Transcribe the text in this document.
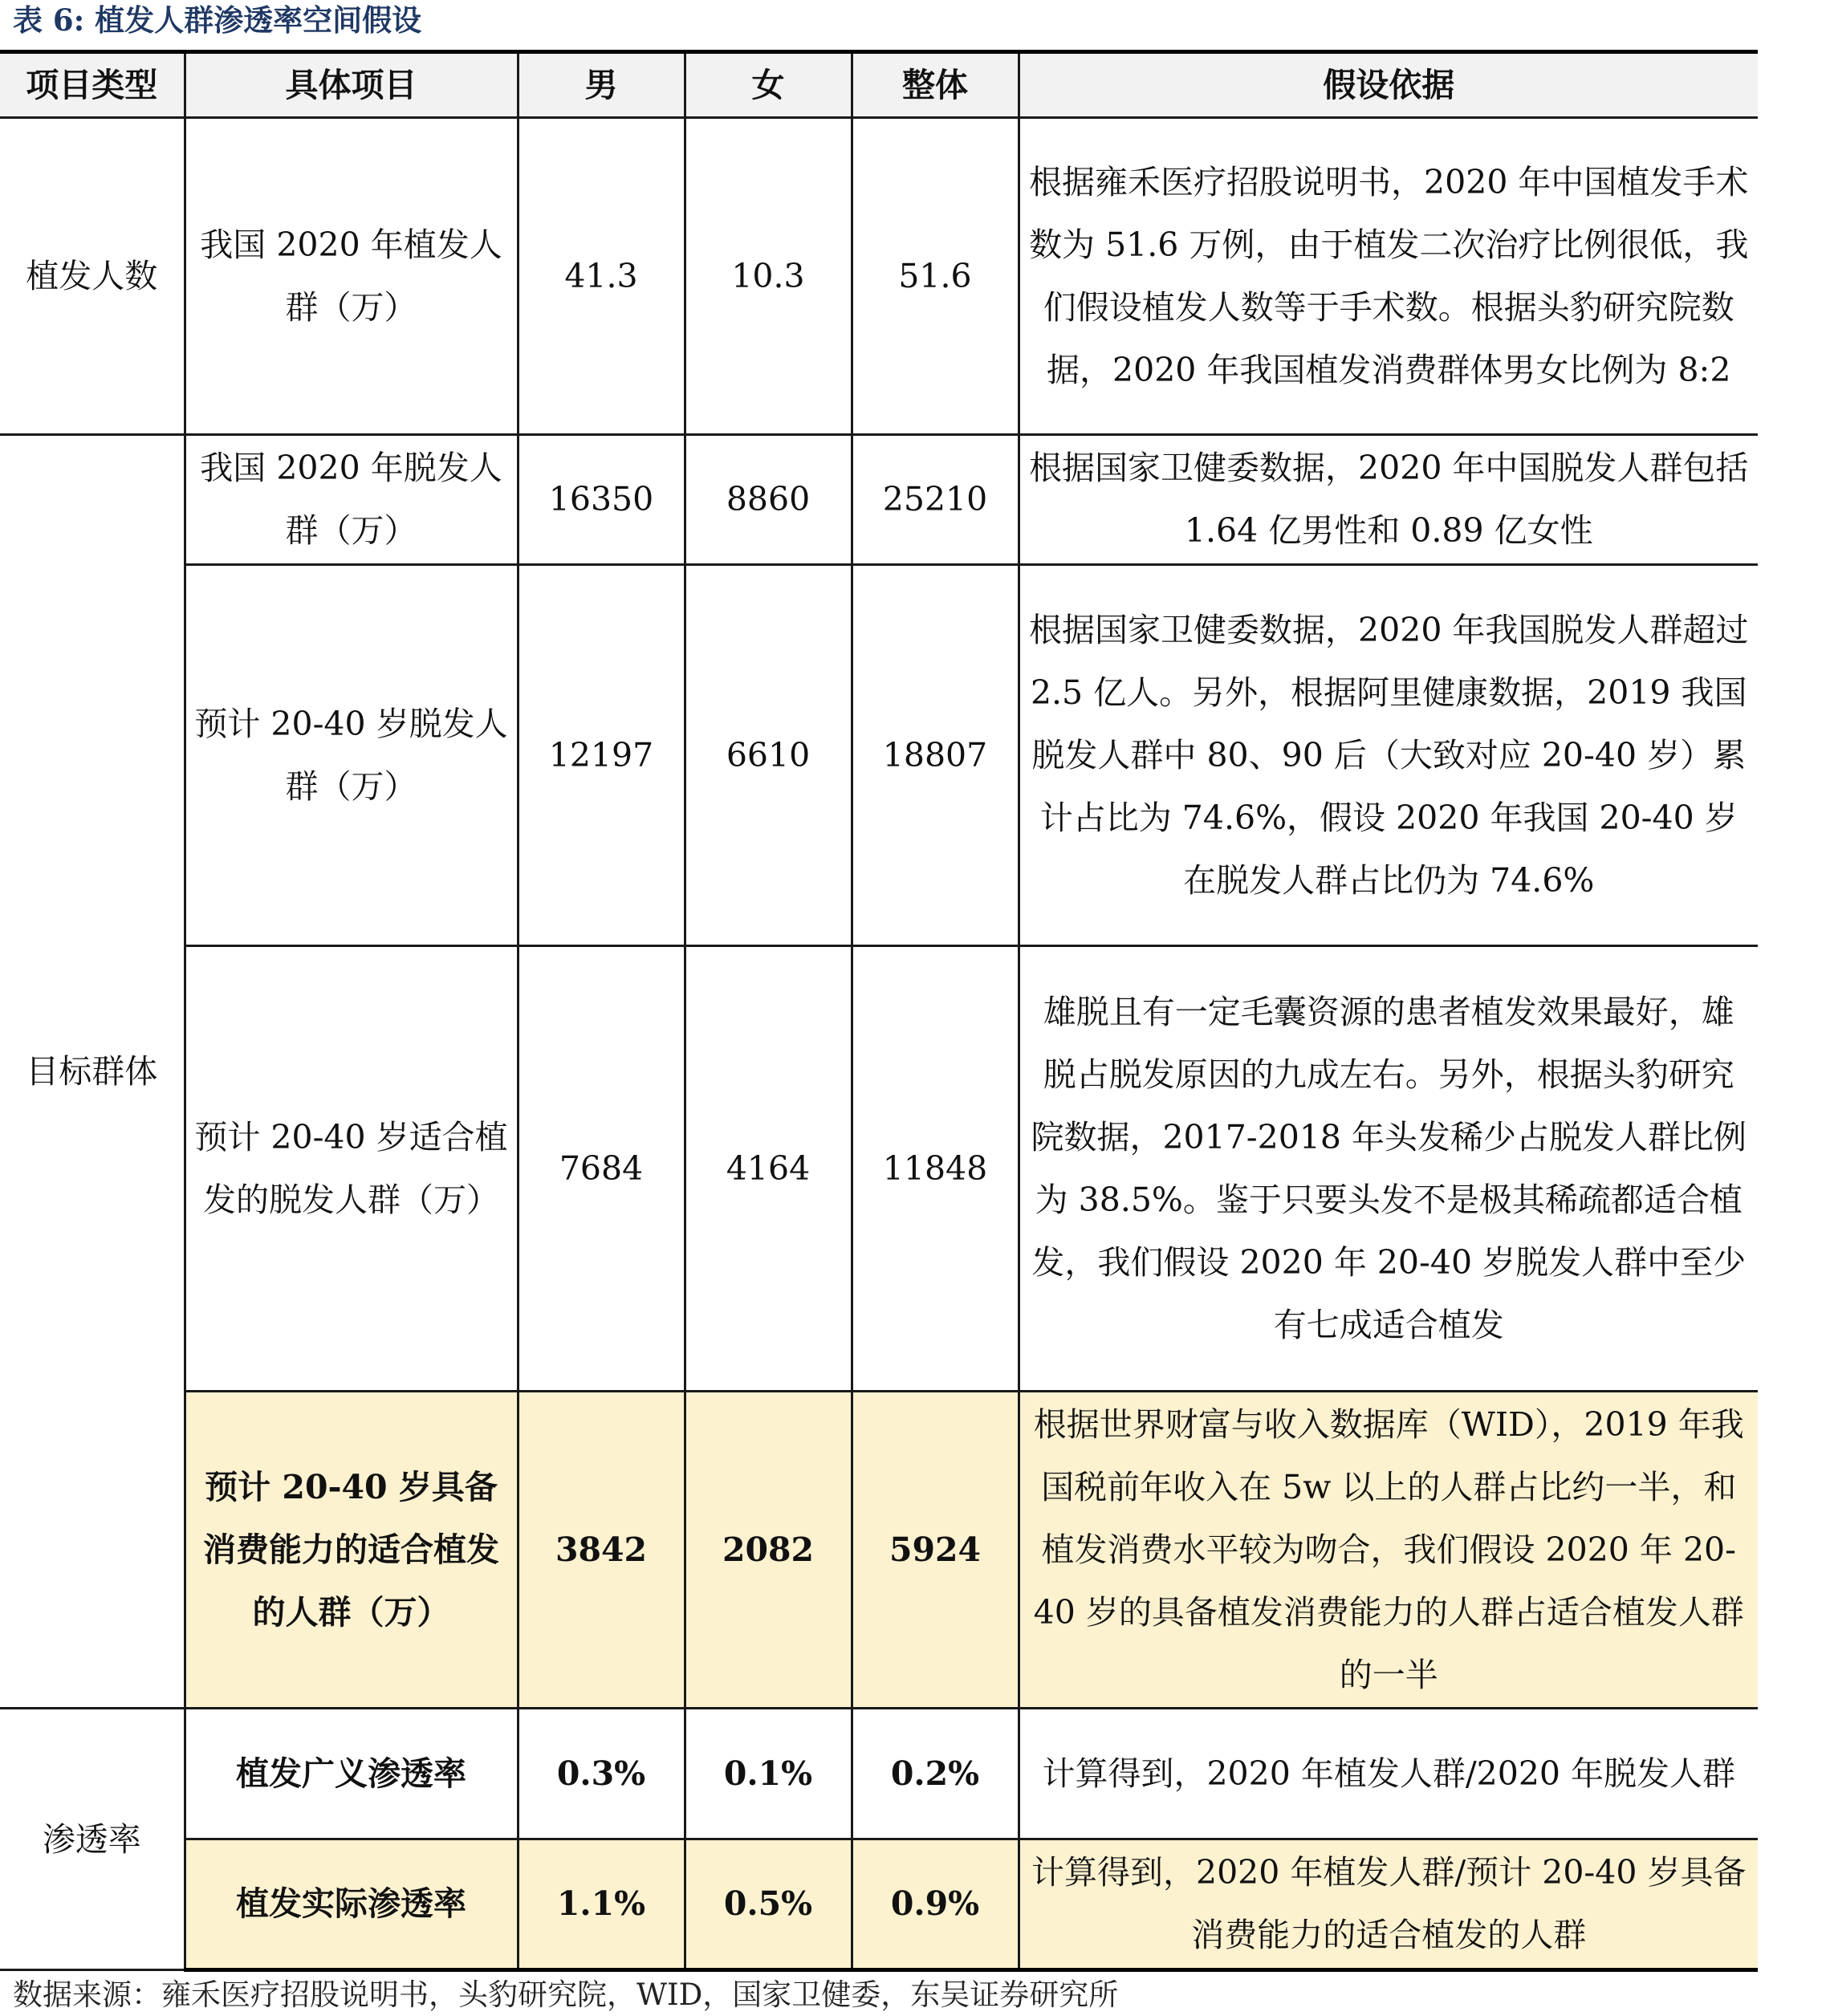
表 6: 植发人群渗透率空间假设
项目类型	具体项目	男	女	整体	假设依据
植发人数	我国 2020 年植发人群（万）	41.3	10.3	51.6	根据雍禾医疗招股说明书，2020 年中国植发手术数为 51.6 万例，由于植发二次治疗比例很低，我们假设植发人数等于手术数。根据头豹研究院数据，2020 年我国植发消费群体男女比例为 8:2
目标群体	我国 2020 年脱发人群（万）	16350	8860	25210	根据国家卫健委数据，2020 年中国脱发人群包括 1.64 亿男性和 0.89 亿女性
	预计 20-40 岁脱发人群（万）	12197	6610	18807	根据国家卫健委数据，2020 年我国脱发人群超过 2.5 亿人。另外，根据阿里健康数据，2019 我国脱发人群中 80、90 后（大致对应 20-40 岁）累计占比为 74.6%，假设 2020 年我国 20-40 岁在脱发人群占比仍为 74.6%
	预计 20-40 岁适合植发的脱发人群（万）	7684	4164	11848	雄脱且有一定毛囊资源的患者植发效果最好，雄脱占脱发原因的九成左右。另外，根据头豹研究院数据，2017-2018 年头发稀少占脱发人群比例为 38.5%。鉴于只要头发不是极其稀疏都适合植发，我们假设 2020 年 20-40 岁脱发人群中至少有七成适合植发
	预计 20-40 岁具备消费能力的适合植发的人群（万）	3842	2082	5924	根据世界财富与收入数据库（WID），2019 年我国税前年收入在 5w 以上的人群占比约一半，和植发消费水平较为吻合，我们假设 2020 年 20-40 岁的具备植发消费能力的人群占适合植发人群的一半
渗透率	植发广义渗透率	0.3%	0.1%	0.2%	计算得到，2020 年植发人群/2020 年脱发人群
	植发实际渗透率	1.1%	0.5%	0.9%	计算得到，2020 年植发人群/预计 20-40 岁具备消费能力的适合植发的人群
数据来源：雍禾医疗招股说明书，头豹研究院，WID，国家卫健委，东吴证券研究所
